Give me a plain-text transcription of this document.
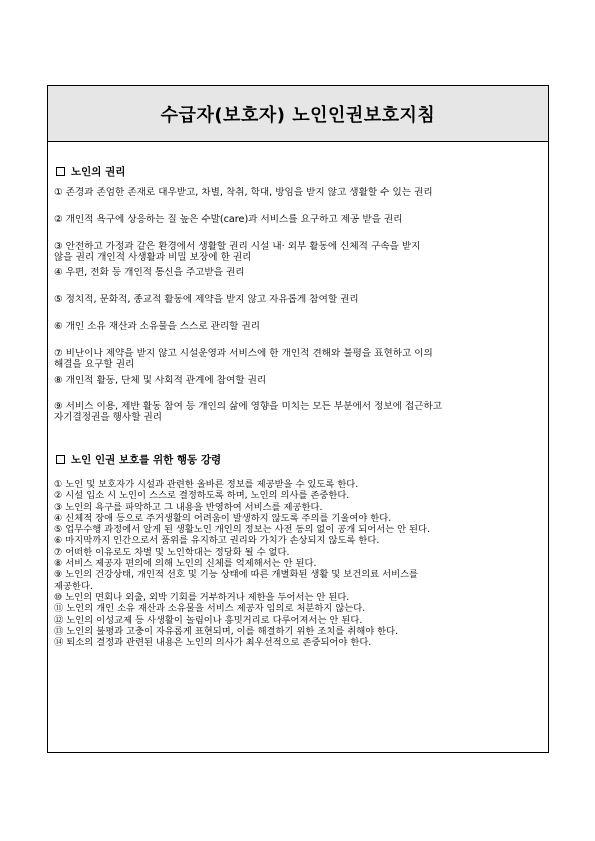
수급자(보호자) 노인인권보호지침
노인의 권리
① 존경과 존엄한 존재로 대우받고, 차별, 착취, 학대, 방임을 받지 않고 생활할 수 있는 권리
② 개인적 욕구에 상응하는 질 높은 수발(care)과 서비스를 요구하고 제공 받을 권리
③ 안전하고 가정과 같은 환경에서 생활할 권리 시설 내· 외부 활동에 신체적 구속을 받지
않을 권리 개인적 사생활과 비밀 보장에 한 권리
④ 우편, 전화 등 개인적 통신을 주고받을 권리
⑤ 정치적, 문화적, 종교적 활동에 제약을 받지 않고 자유롭게 참여할 권리
⑥ 개인 소유 재산과 소유물을 스스로 관리할 권리
⑦ 비난이나 제약을 받지 않고 시설운영과 서비스에 한 개인적 견해와 불평을 표현하고 이의
해결을 요구할 권리
⑧ 개인적 활동, 단체 및 사회적 관계에 참여할 권리
⑨ 서비스 이용, 제반 활동 참여 등 개인의 삶에 영향을 미치는 모든 부분에서 정보에 접근하고
자기결정권을 행사할 권리
노인 인권 보호를 위한 행동 강령
① 노인 및 보호자가 시설과 관련한 올바른 정보를 제공받을 수 있도록 한다.
② 시설 입소 시 노인이 스스로 결정하도록 하며, 노인의 의사를 존중한다.
③ 노인의 욕구를 파악하고 그 내용을 반영하여 서비스를 제공한다.
④ 신체적 장애 등으로 주거생활의 어려움이 발생하지 않도록 주의를 기울여야 한다.
⑤ 업무수행 과정에서 알게 된 생활노인 개인의 정보는 사전 동의 없이 공개 되어서는 안 된다.
⑥ 마지막까지 인간으로서 품위를 유지하고 권리와 가치가 손상되지 않도록 한다.
⑦ 어떠한 이유로도 차별 및 노인학대는 정당화 될 수 없다.
⑧ 서비스 제공자 편의에 의해 노인의 신체를 억제해서는 안 된다.
⑨ 노인의 건강상태, 개인적 선호 및 기능 상태에 따른 개별화된 생활 및 보건의료 서비스를
제공한다.
⑩ 노인의 면회나 외출, 외박 기회를 거부하거나 제한을 두어서는 안 된다.
⑪ 노인의 개인 소유 재산과 소유물을 서비스 제공자 임의로 처분하지 않는다.
⑫ 노인의 이성교제 등 사생활이 놀림이나 흥밋거리로 다루어져서는 안 된다.
⑬ 노인의 불평과 고충이 자유롭게 표현되며, 이를 해결하기 위한 조치를 취해야 한다.
⑭ 퇴소의 결정과 관련된 내용은 노인의 의사가 최우선적으로 존중되어야 한다.
